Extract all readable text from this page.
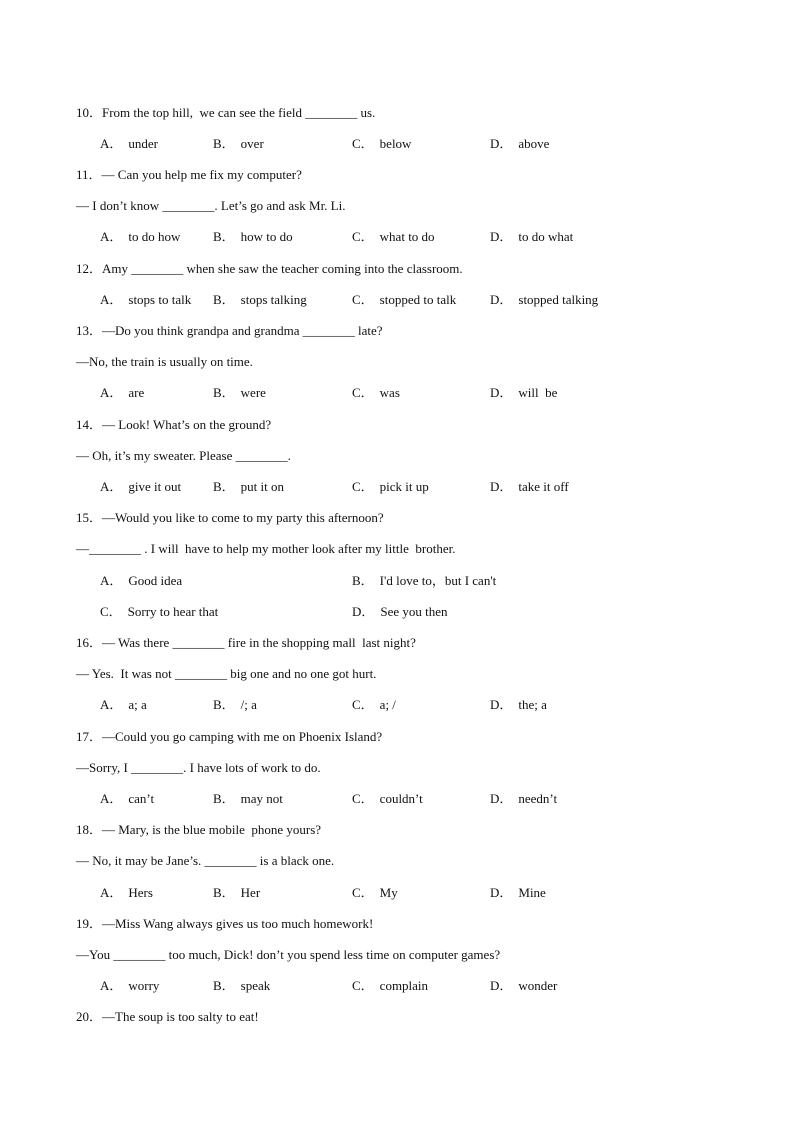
10．From the top hill,  we can see the field ________ us.
A． under	B． over	C． below	D． above
11．— Can you help me fix my computer?
— I don’t know ________. Let’s go and ask Mr. Li.
A． to do how	B． how to do	C． what to do	D． to do what
12．Amy ________ when she saw the teacher coming into the classroom.
A． stops to talk B． stops talking	C． stopped to talk	D． stopped talking
13．—Do you think grandpa and grandma ________ late?
—No, the train is usually on time.
A． are	B． were	C． was	D． will  be
14．— Look! What’s on the ground?
— Oh, it’s my sweater. Please ________.
A． give it out B． put it on	C． pick it up	D． take it off
15．—Would you like to come to my party this afternoon?
—________ . I will  have to help my mother look after my little  brother.
A． Good idea	B． I'd love to，but I can't
C． Sorry to hear that	D． See you then
16．— Was there ________ fire in the shopping mall  last night?
— Yes.  It was not ________ big one and no one got hurt.
A． a; a	B． /; a	C． a; /	D． the; a
17．—Could you go camping with me on Phoenix Island?
—Sorry, I ________. I have lots of work to do.
A． can’t	B． may not	C． couldn’t	D． needn’t
18．— Mary, is the blue mobile  phone yours?
— No, it may be Jane’s. ________ is a black one.
A． Hers	B． Her	C． My	D． Mine
19．—Miss Wang always gives us too much homework!
—You ________ too much, Dick! don’t you spend less time on computer games?
A． worry	B． speak	C． complain	D． wonder
20．—The soup is too salty to eat!
